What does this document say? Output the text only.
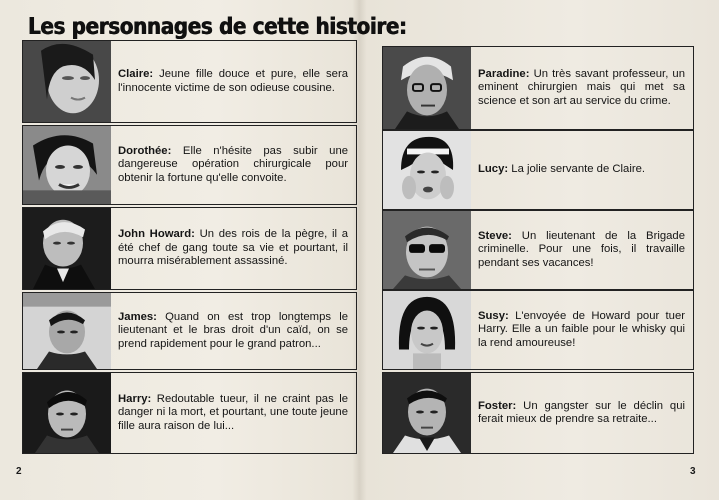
Les personnages de cette histoire:

Claire: Jeune fille douce et pure, elle sera l'innocente victime de son odieuse cousine.

Dorothée: Elle n'hésite pas subir une dangereuse opération chirurgicale pour obtenir la fortune qu'elle convoite.

John Howard: Un des rois de la pègre, il a été chef de gang toute sa vie et pourtant, il mourra misérablement assassiné.

James: Quand on est trop longtemps le lieutenant et le bras droit d'un caïd, on se prend rapidement pour le grand patron...

Harry: Redoutable tueur, il ne craint pas le danger ni la mort, et pourtant, une toute jeune fille aura raison de lui...

Paradine: Un très savant professeur, un eminent chirurgien mais qui met sa science et son art au service du crime.

Lucy: La jolie servante de Claire.

Steve: Un lieutenant de la Brigade criminelle. Pour une fois, il travaille pendant ses vacances!

Susy: L'envoyée de Howard pour tuer Harry. Elle a un faible pour le whisky qui la rend amoureuse!

Foster: Un gangster sur le déclin qui ferait mieux de prendre sa retraite...

2	3
